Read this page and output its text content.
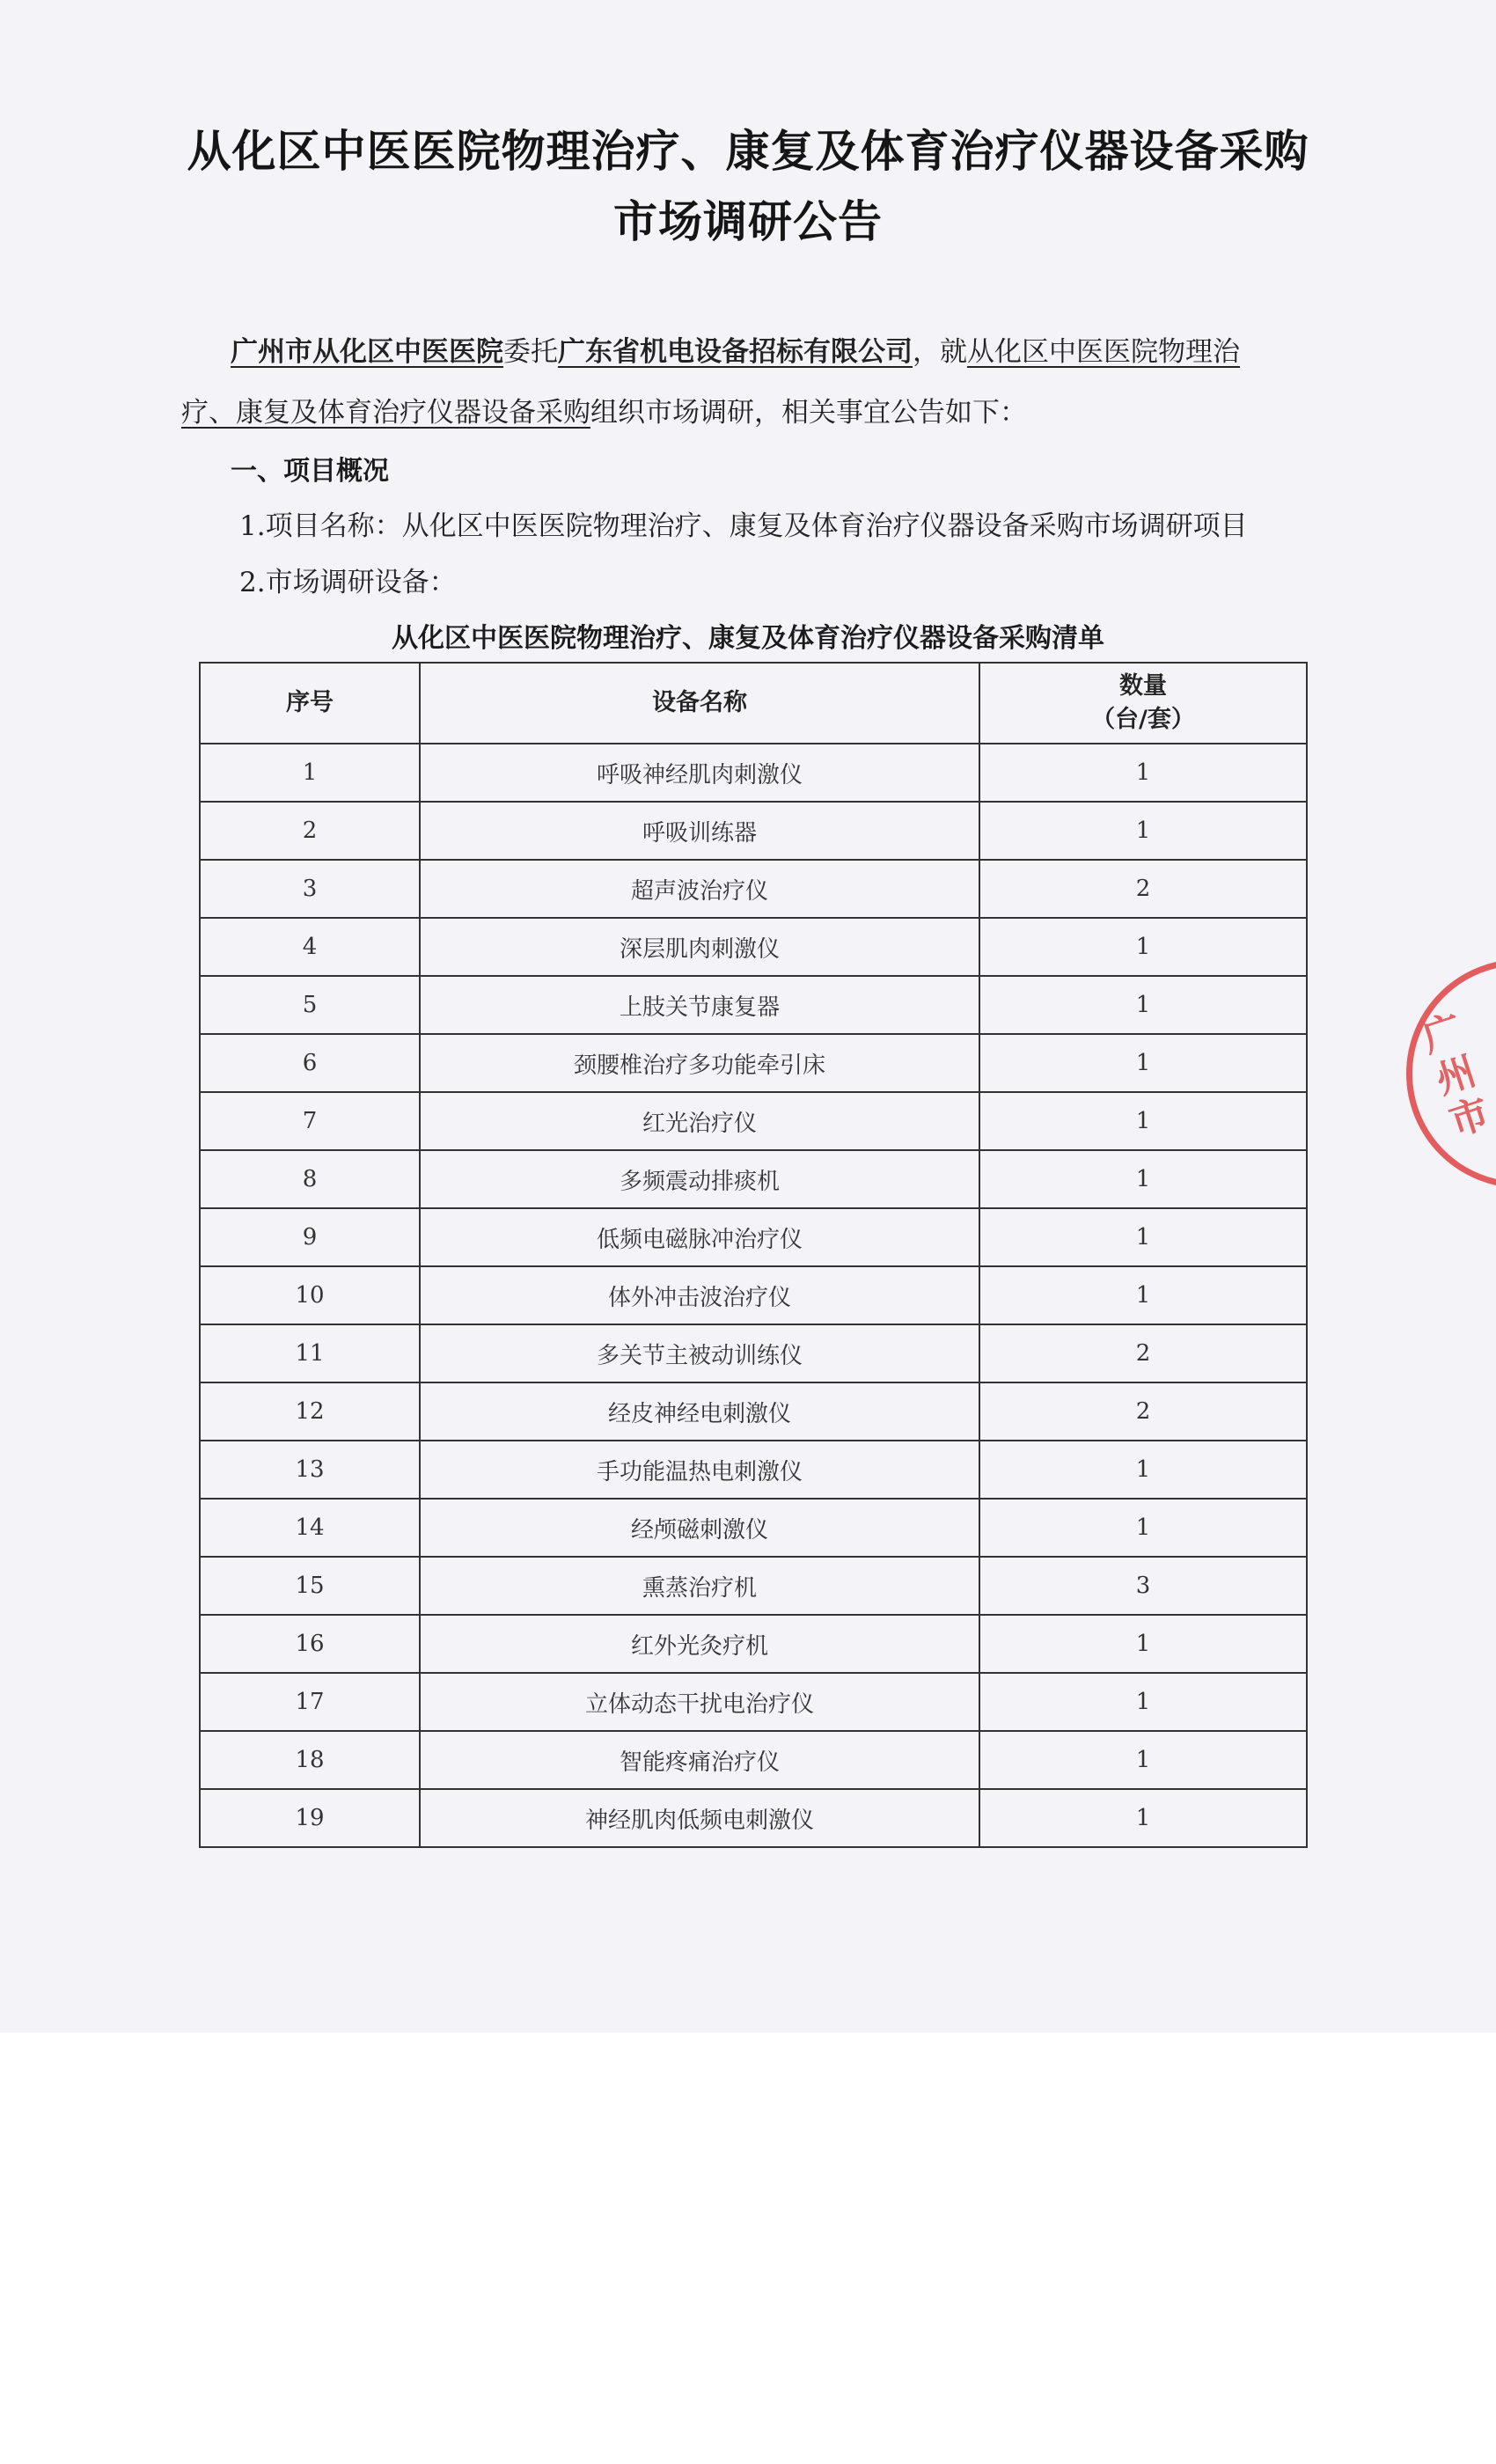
从化区中医医院物理治疗、康复及体育治疗仪器设备采购
市场调研公告
广州市从化区中医医院委托广东省机电设备招标有限公司，就从化区中医医院物理治
疗、康复及体育治疗仪器设备采购组织市场调研，相关事宜公告如下：
一、项目概况
1.项目名称：从化区中医医院物理治疗、康复及体育治疗仪器设备采购市场调研项目
2.市场调研设备：
从化区中医医院物理治疗、康复及体育治疗仪器设备采购清单
序号	设备名称	数量
（台/套）
1	呼吸神经肌肉刺激仪	1
2	呼吸训练器	1
3	超声波治疗仪	2
4	深层肌肉刺激仪	1
5	上肢关节康复器	1
6	颈腰椎治疗多功能牵引床	1
7	红光治疗仪	1
8	多频震动排痰机	1
9	低频电磁脉冲治疗仪	1
10	体外冲击波治疗仪	1
11	多关节主被动训练仪	2
12	经皮神经电刺激仪	2
13	手功能温热电刺激仪	1
14	经颅磁刺激仪	1
15	熏蒸治疗机	3
16	红外光灸疗机	1
17	立体动态干扰电治疗仪	1
18	智能疼痛治疗仪	1
19	神经肌肉低频电刺激仪	1
广州市
